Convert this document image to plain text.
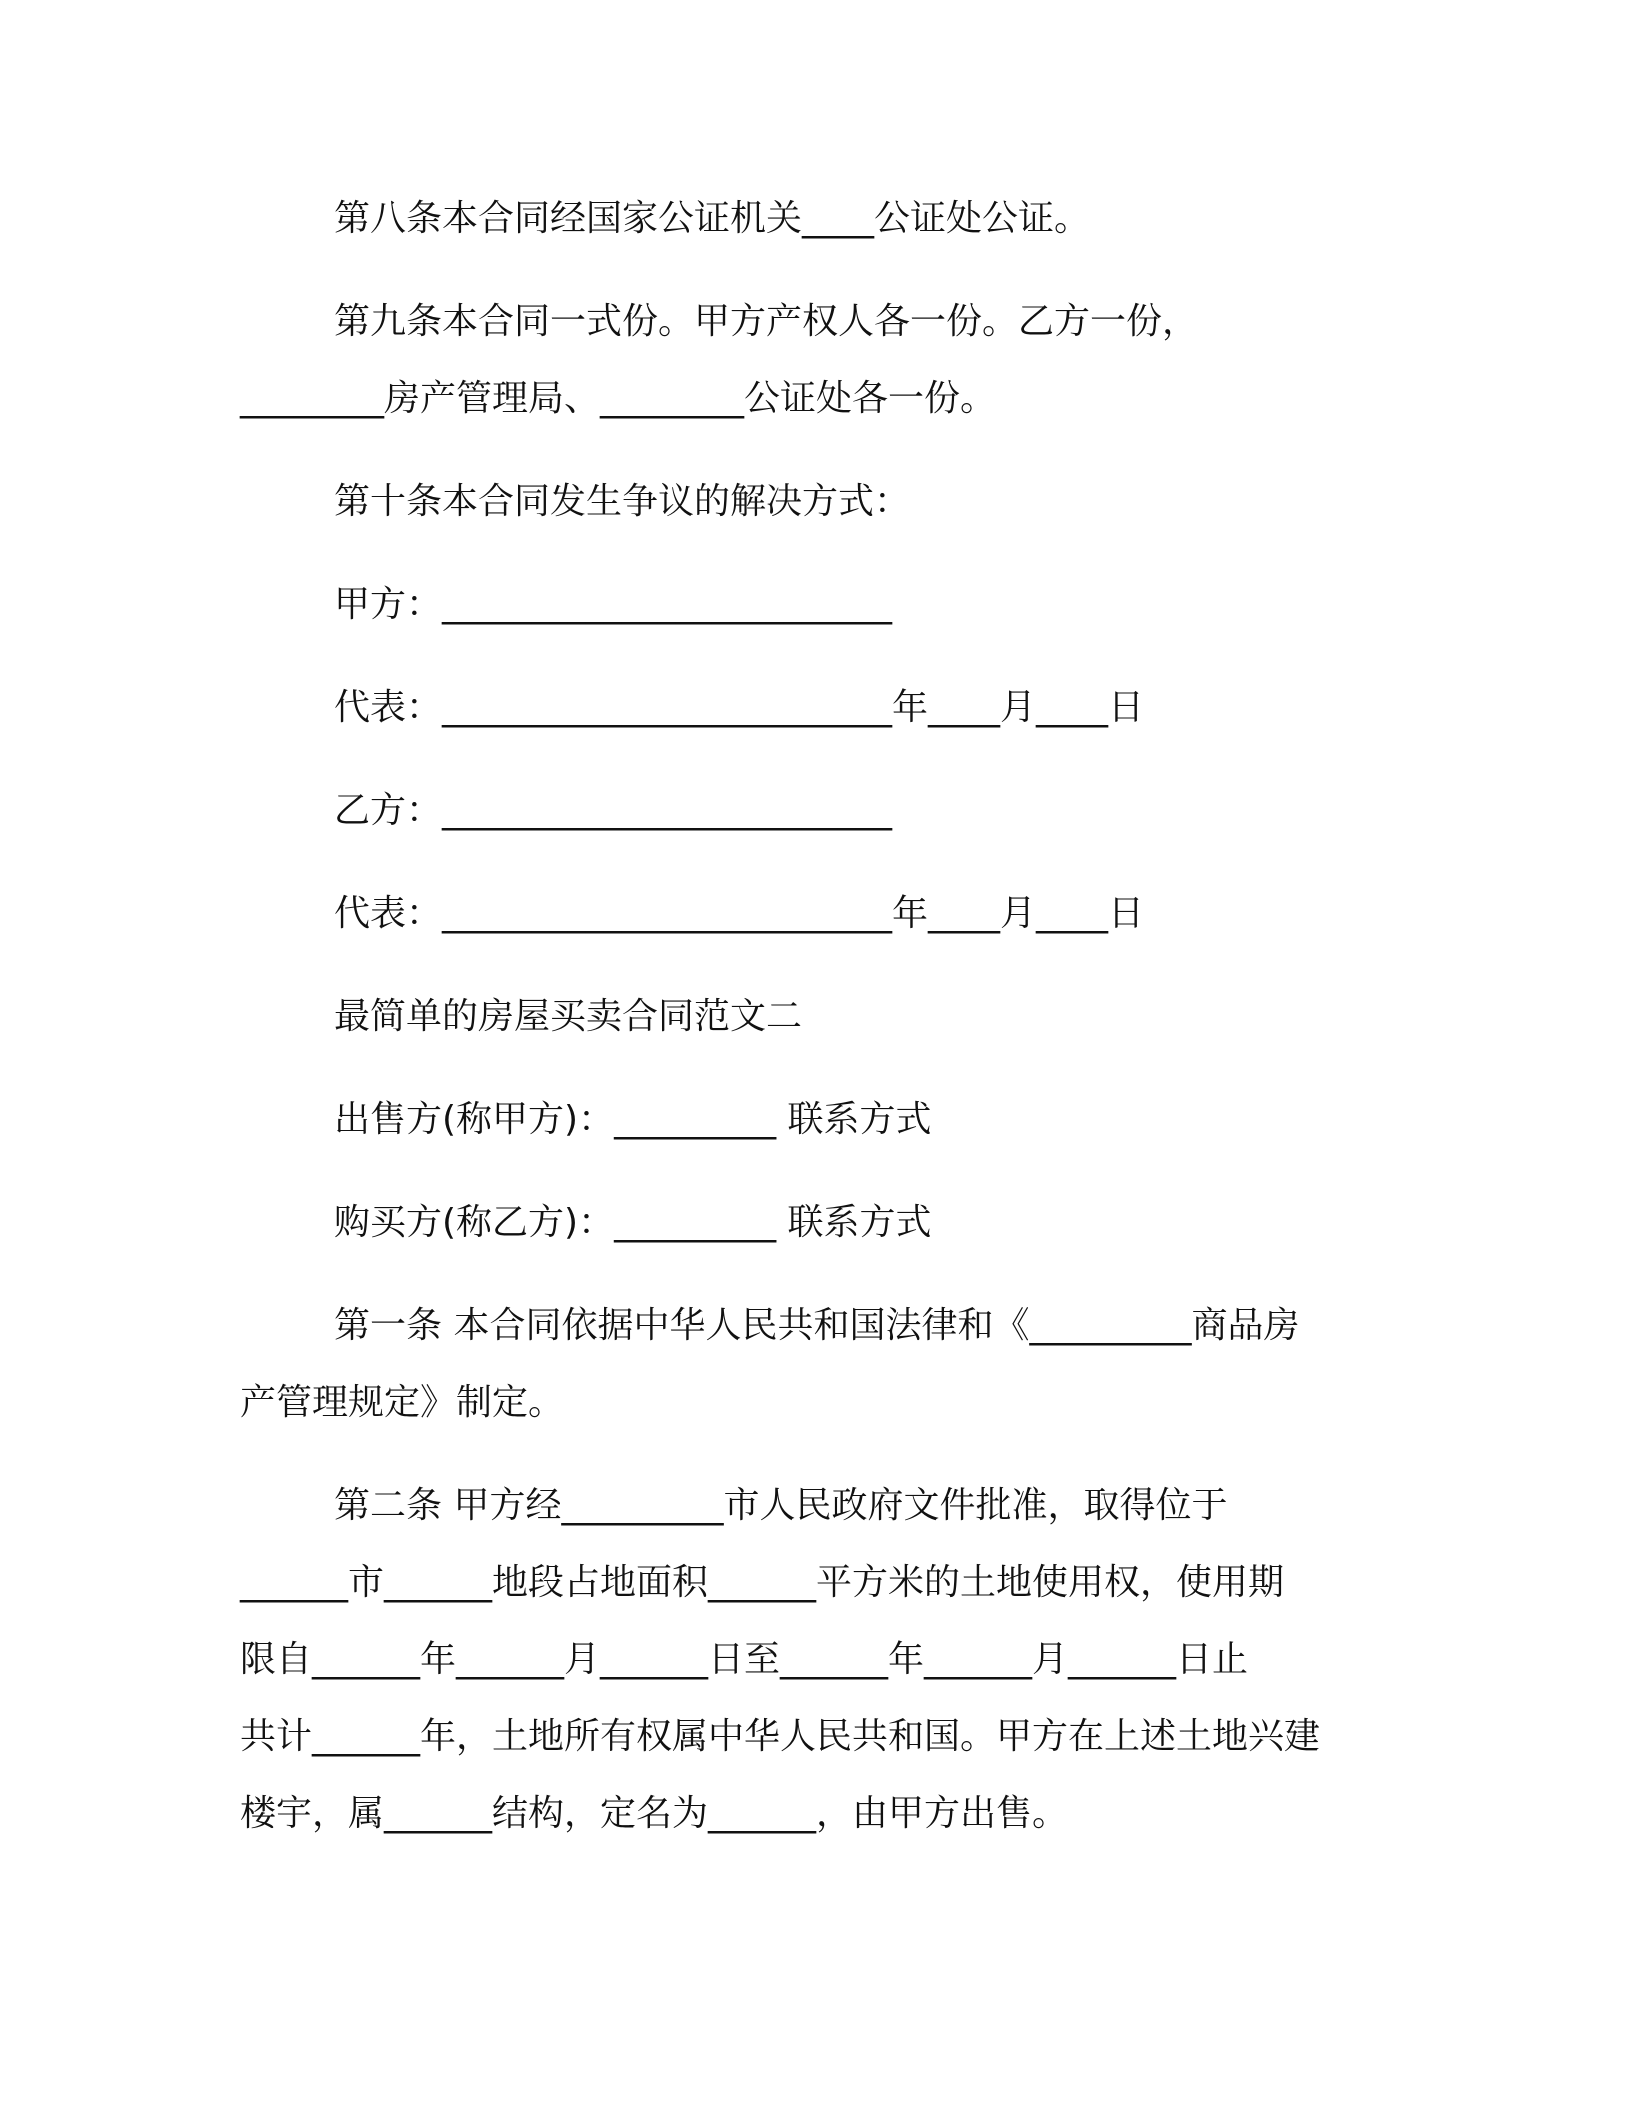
第八条本合同经国家公证机关____公证处公证。
第九条本合同一式份。甲方产权人各一份。乙方一份，
________房产管理局、________公证处各一份。
第十条本合同发生争议的解决方式：
甲方：_________________________
代表：_________________________年____月____日
乙方：_________________________
代表：_________________________年____月____日
最简单的房屋买卖合同范文二
出售方(称甲方)：_________ 联系方式
购买方(称乙方)：_________ 联系方式
第一条 本合同依据中华人民共和国法律和《_________商品房
产管理规定》制定。
第二条 甲方经_________市人民政府文件批准，取得位于
______市______地段占地面积______平方米的土地使用权，使用期
限自______年______月______日至______年______月______日止
共计______年，土地所有权属中华人民共和国。甲方在上述土地兴建
楼宇，属______结构，定名为______，由甲方出售。
